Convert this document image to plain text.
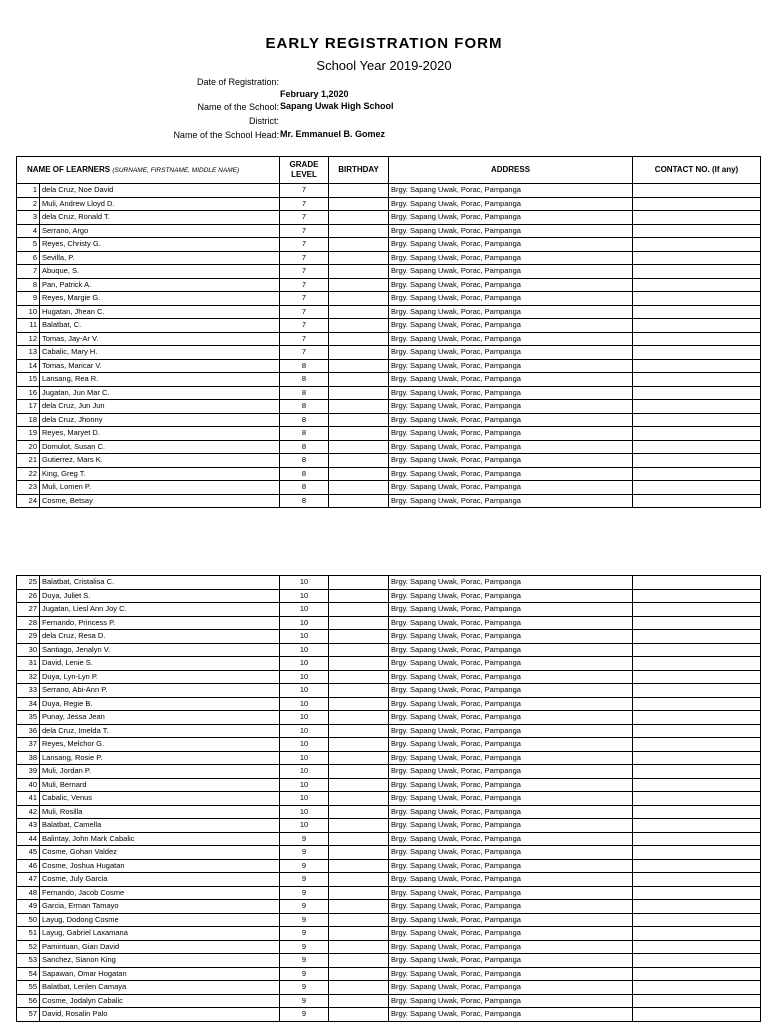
EARLY REGISTRATION FORM
School Year 2019-2020
Date of Registration:
February 1,2020
Name of the School: Sapang Uwak High School
District:
Name of the School Head: Mr. Emmanuel B. Gomez
NAME OF LEARNERS (SURNAME, FIRSTNAME, MIDDLE NAME)		GRADE LEVEL	BIRTHDAY	ADDRESS	CONTACT NO. (If any)
1	dela Cruz, Noe David	7		Brgy. Sapang Uwak, Porac, Pampanga	
2	Muli, Andrew Lloyd D.	7		Brgy. Sapang Uwak, Porac, Pampanga	
3	dela Cruz, Ronald T.	7		Brgy. Sapang Uwak, Porac, Pampanga	
4	Serrano, Argo	7		Brgy. Sapang Uwak, Porac, Pampanga	
5	Reyes, Christy G.	7		Brgy. Sapang Uwak, Porac, Pampanga	
6	Sevilla, P.	7		Brgy. Sapang Uwak, Porac, Pampanga	
7	Abuque, S.	7		Brgy. Sapang Uwak, Porac, Pampanga	
8	Pan, Patrick A.	7		Brgy. Sapang Uwak, Porac, Pampanga	
9	Reyes, Margie G.	7		Brgy. Sapang Uwak, Porac, Pampanga	
10	Hugatan, Jhean C.	7		Brgy. Sapang Uwak, Porac, Pampanga	
11	Balatbat, C.	7		Brgy. Sapang Uwak, Porac, Pampanga	
12	Tomas, Jay-Ar V.	7		Brgy. Sapang Uwak, Porac, Pampanga	
13	Cabalic, Mary H.	7		Brgy. Sapang Uwak, Porac, Pampanga	
14	Tomas, Maricar V.	8		Brgy. Sapang Uwak, Porac, Pampanga	
15	Lansang, Rea R.	8		Brgy. Sapang Uwak, Porac, Pampanga	
16	Jugatan, Jun Mar C.	8		Brgy. Sapang Uwak, Porac, Pampanga	
17	dela Cruz, Jun Jun	8		Brgy. Sapang Uwak, Porac, Pampanga	
18	dela Cruz, Jhonny	8		Brgy. Sapang Uwak, Porac, Pampanga	
19	Reyes, Maryet D.	8		Brgy. Sapang Uwak, Porac, Pampanga	
20	Domulot, Susan C.	8		Brgy. Sapang Uwak, Porac, Pampanga	
21	Gutierrez, Mars K.	8		Brgy. Sapang Uwak, Porac, Pampanga	
22	King, Greg T.	8		Brgy. Sapang Uwak, Porac, Pampanga	
23	Muli, Lomen P.	8		Brgy. Sapang Uwak, Porac, Pampanga	
24	Cosme, Betsay	8		Brgy. Sapang Uwak, Porac, Pampanga	
25	Balatbat, Cristalisa C.	10		Brgy. Sapang Uwak, Porac, Pampanga	
26	Duya, Juliet S.	10		Brgy. Sapang Uwak, Porac, Pampanga	
27	Jugatan, Liesl Ann Joy C.	10		Brgy. Sapang Uwak, Porac, Pampanga	
28	Fernando, Princess P.	10		Brgy. Sapang Uwak, Porac, Pampanga	
29	dela Cruz, Resa D.	10		Brgy. Sapang Uwak, Porac, Pampanga	
30	Santiago, Jenalyn V.	10		Brgy. Sapang Uwak, Porac, Pampanga	
31	David, Lenie S.	10		Brgy. Sapang Uwak, Porac, Pampanga	
32	Duya, Lyn-Lyn P.	10		Brgy. Sapang Uwak, Porac, Pampanga	
33	Serrano, Abi-Ann P.	10		Brgy. Sapang Uwak, Porac, Pampanga	
34	Duya, Regie B.	10		Brgy. Sapang Uwak, Porac, Pampanga	
35	Punay, Jessa Jean	10		Brgy. Sapang Uwak, Porac, Pampanga	
36	dela Cruz, Imelda T.	10		Brgy. Sapang Uwak, Porac, Pampanga	
37	Reyes, Melchor G.	10		Brgy. Sapang Uwak, Porac, Pampanga	
38	Lansang, Rosie P.	10		Brgy. Sapang Uwak, Porac, Pampanga	
39	Muli, Jordan P.	10		Brgy. Sapang Uwak, Porac, Pampanga	
40	Muli, Bernard	10		Brgy. Sapang Uwak, Porac, Pampanga	
41	Cabalic, Venus	10		Brgy. Sapang Uwak, Porac, Pampanga	
42	Muli, Rosilla	10		Brgy. Sapang Uwak, Porac, Pampanga	
43	Balatbat, Camella	10		Brgy. Sapang Uwak, Porac, Pampanga	
44	Balintay, John Mark Cabalic	9		Brgy. Sapang Uwak, Porac, Pampanga	
45	Cosme, Gohan Valdez	9		Brgy. Sapang Uwak, Porac, Pampanga	
46	Cosme, Joshua Hugatan	9		Brgy. Sapang Uwak, Porac, Pampanga	
47	Cosme, July Garcia	9		Brgy. Sapang Uwak, Porac, Pampanga	
48	Fernando, Jacob Cosme	9		Brgy. Sapang Uwak, Porac, Pampanga	
49	Garcia, Erman Tamayo	9		Brgy. Sapang Uwak, Porac, Pampanga	
50	Layug, Dodong Cosme	9		Brgy. Sapang Uwak, Porac, Pampanga	
51	Layug, Gabriel Laxamana	9		Brgy. Sapang Uwak, Porac, Pampanga	
52	Pamintuan, Gian David	9		Brgy. Sapang Uwak, Porac, Pampanga	
53	Sanchez, Sianon King	9		Brgy. Sapang Uwak, Porac, Pampanga	
54	Sapawan, Omar Hogatan	9		Brgy. Sapang Uwak, Porac, Pampanga	
55	Balatbat, Lenlen Camaya	9		Brgy. Sapang Uwak, Porac, Pampanga	
56	Cosme, Jodalyn Cabalic	9		Brgy. Sapang Uwak, Porac, Pampanga	
57	David, Rosalin Palo	9		Brgy. Sapang Uwak, Porac, Pampanga	
